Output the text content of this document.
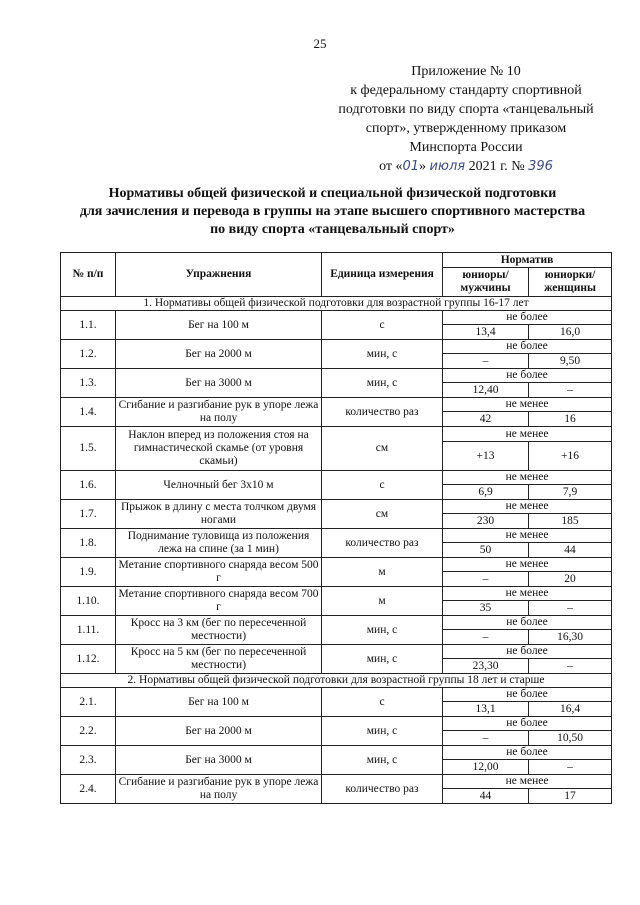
25
Приложение № 10
к федеральному стандарту спортивной
подготовки по виду спорта «танцевальный
спорт», утвержденному приказом
Минспорта России
от «01» июля 2021 г. № 396
Нормативы общей физической и специальной физической подготовки
для зачисления и перевода в группы на этапе высшего спортивного мастерства
по виду спорта «танцевальный спорт»
№ п/п	Упражнения	Единица измерения	Норматив	
			юниоры/ мужчины	юниорки/ женщины
1. Нормативы общей физической подготовки для возрастной группы 16-17 лет				
1.1.	Бег на 100 м	с	не более	
			13,4	16,0
1.2.	Бег на 2000 м	мин, с	не более	
			–	9,50
1.3.	Бег на 3000 м	мин, с	не более	
			12,40	–
1.4.	Сгибание и разгибание рук в упоре лежа на полу	количество раз	не менее	
			42	16
1.5.	Наклон вперед из положения стоя на гимнастической скамье (от уровня скамьи)	см	не менее	
			+13	+16
1.6.	Челночный бег 3х10 м	с	не менее	
			6,9	7,9
1.7.	Прыжок в длину с места толчком двумя ногами	см	не менее	
			230	185
1.8.	Поднимание туловища из положения лежа на спине (за 1 мин)	количество раз	не менее	
			50	44
1.9.	Метание спортивного снаряда весом 500 г	м	не менее	
			–	20
1.10.	Метание спортивного снаряда весом 700 г	м	не менее	
			35	–
1.11.	Кросс на 3 км (бег по пересеченной местности)	мин, с	не более	
			–	16,30
1.12.	Кросс на 5 км (бег по пересеченной местности)	мин, с	не более	
			23,30	–
2. Нормативы общей физической подготовки для возрастной группы 18 лет и старше				
2.1.	Бег на 100 м	с	не более	
			13,1	16,4
2.2.	Бег на 2000 м	мин, с	не более	
			–	10,50
2.3.	Бег на 3000 м	мин, с	не более	
			12,00	–
2.4.	Сгибание и разгибание рук в упоре лежа на полу	количество раз	не менее	
			44	17
